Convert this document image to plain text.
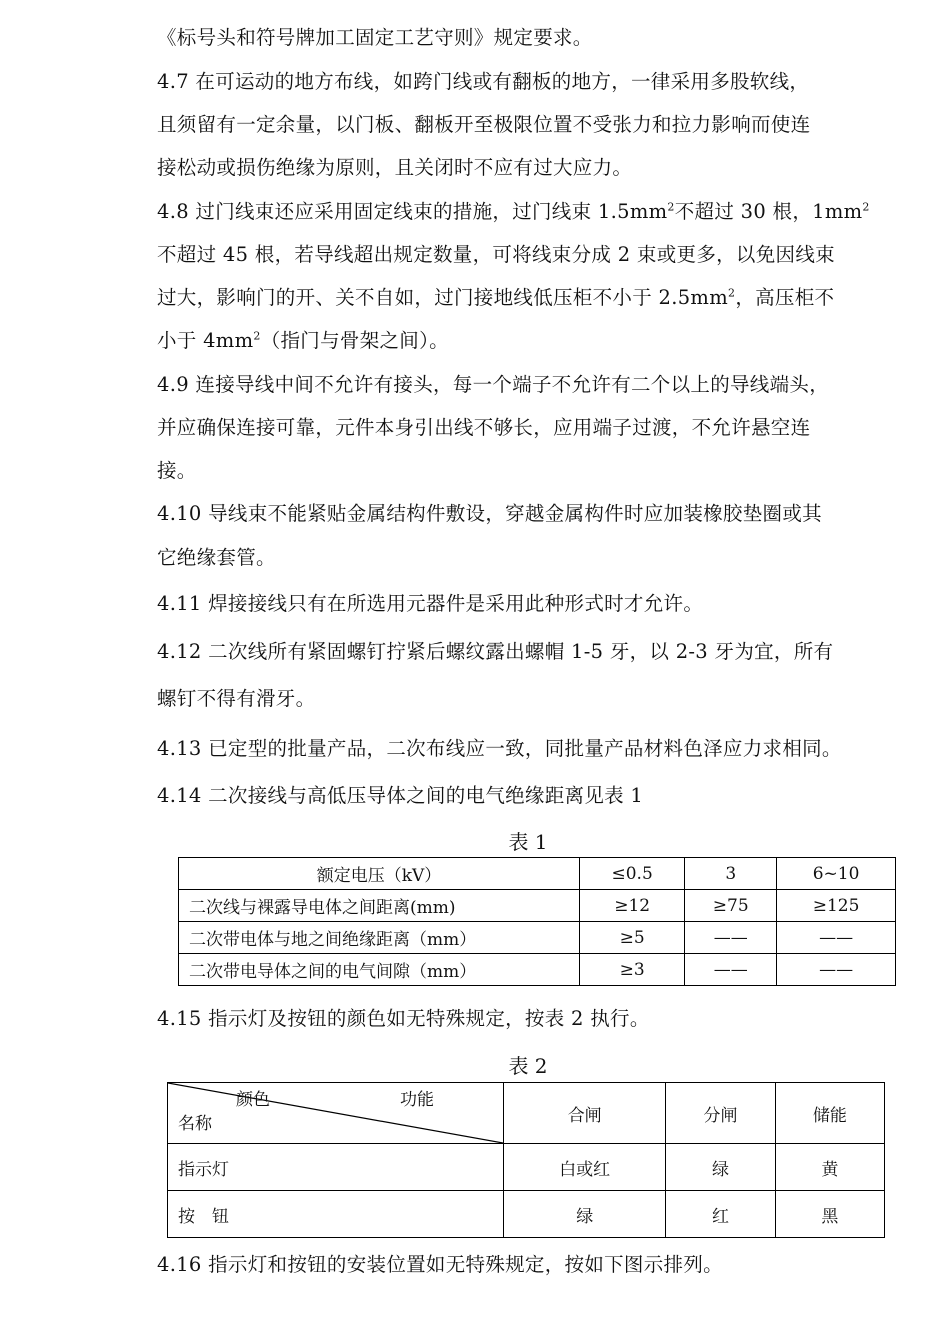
《标号头和符号牌加工固定工艺守则》规定要求。
4.7 在可运动的地方布线，如跨门线或有翻板的地方，一律采用多股软线，
且须留有一定余量，以门板、翻板开至极限位置不受张力和拉力影响而使连
接松动或损伤绝缘为原则，且关闭时不应有过大应力。
4.8 过门线束还应采用固定线束的措施，过门线束 $1.5mm^2$不超过 30 根，$1mm^2$
不超过 45 根，若导线超出规定数量，可将线束分成 2 束或更多，以免因线束
过大，影响门的开、关不自如，过门接地线低压柜不小于 $2.5mm^2$，高压柜不
小于 $4mm^2$（指门与骨架之间）。
4.9 连接导线中间不允许有接头，每一个端子不允许有二个以上的导线端头，
并应确保连接可靠，元件本身引出线不够长，应用端子过渡，不允许悬空连
接。
4.10 导线束不能紧贴金属结构件敷设，穿越金属构件时应加装橡胶垫圈或其
它绝缘套管。
4.11 焊接接线只有在所选用元器件是采用此种形式时才允许。
4.12 二次线所有紧固螺钉拧紧后螺纹露出螺帽 1-5 牙，以 2-3 牙为宜，所有
螺钉不得有滑牙。
4.13 已定型的批量产品，二次布线应一致，同批量产品材料色泽应力求相同。
4.14 二次接线与高低压导体之间的电气绝缘距离见表 1
表 1
额定电压（kV）	≤0.5	3	6~10
二次线与裸露导电体之间距离(mm)	≥12	≥75	≥125
二次带电体与地之间绝缘距离（mm）	≥5	——	——
二次带电导体之间的电气间隙（mm）	≥3	——	——
4.15 指示灯及按钮的颜色如无特殊规定，按表 2 执行。
表 2
颜色 功能
名称	合闸	分闸	储能
指示灯	白或红	绿	黄
按　钮	绿	红	黑
4.16 指示灯和按钮的安装位置如无特殊规定，按如下图示排列。
